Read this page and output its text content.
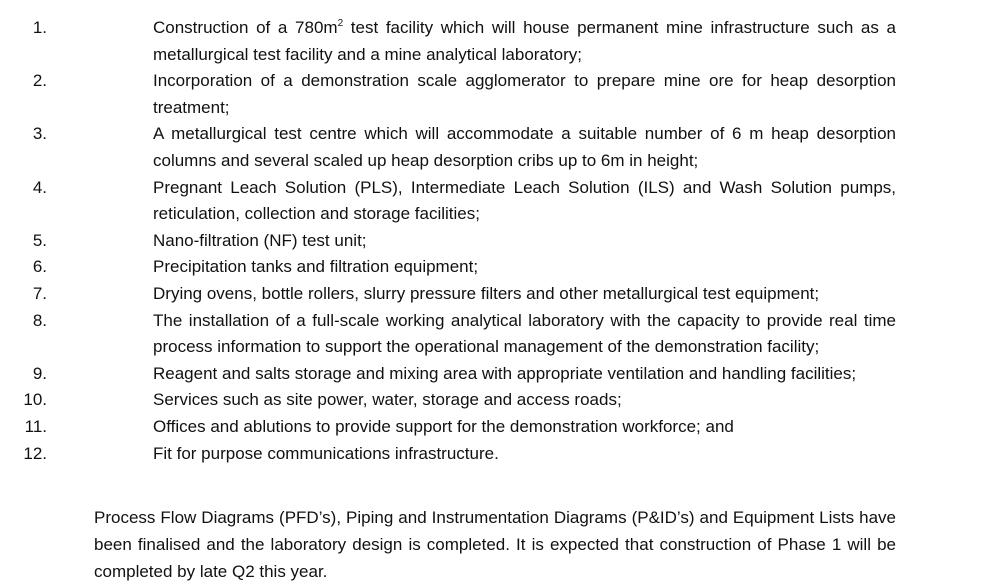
1.	Construction of a $780m^2$ test facility which will house permanent mine infrastructure such as a metallurgical test facility and a mine analytical laboratory;
2.	Incorporation of a demonstration scale agglomerator to prepare mine ore for heap desorption treatment;
3.	A metallurgical test centre which will accommodate a suitable number of 6 m heap desorption columns and several scaled up heap desorption cribs up to 6m in height;
4.	Pregnant Leach Solution (PLS), Intermediate Leach Solution (ILS) and Wash Solution pumps, reticulation, collection and storage facilities;
5.	Nano-filtration (NF) test unit;
6.	Precipitation tanks and filtration equipment;
7.	Drying ovens, bottle rollers, slurry pressure filters and other metallurgical test equipment;
8.	The installation of a full-scale working analytical laboratory with the capacity to provide real time process information to support the operational management of the demonstration facility;
9.	Reagent and salts storage and mixing area with appropriate ventilation and handling facilities;
10.	Services such as site power, water, storage and access roads;
11.	Offices and ablutions to provide support for the demonstration workforce; and
12.	Fit for purpose communications infrastructure.

Process Flow Diagrams (PFD’s), Piping and Instrumentation Diagrams (P&ID’s) and Equipment Lists have been finalised and the laboratory design is completed. It is expected that construction of Phase 1 will be completed by late Q2 this year.
